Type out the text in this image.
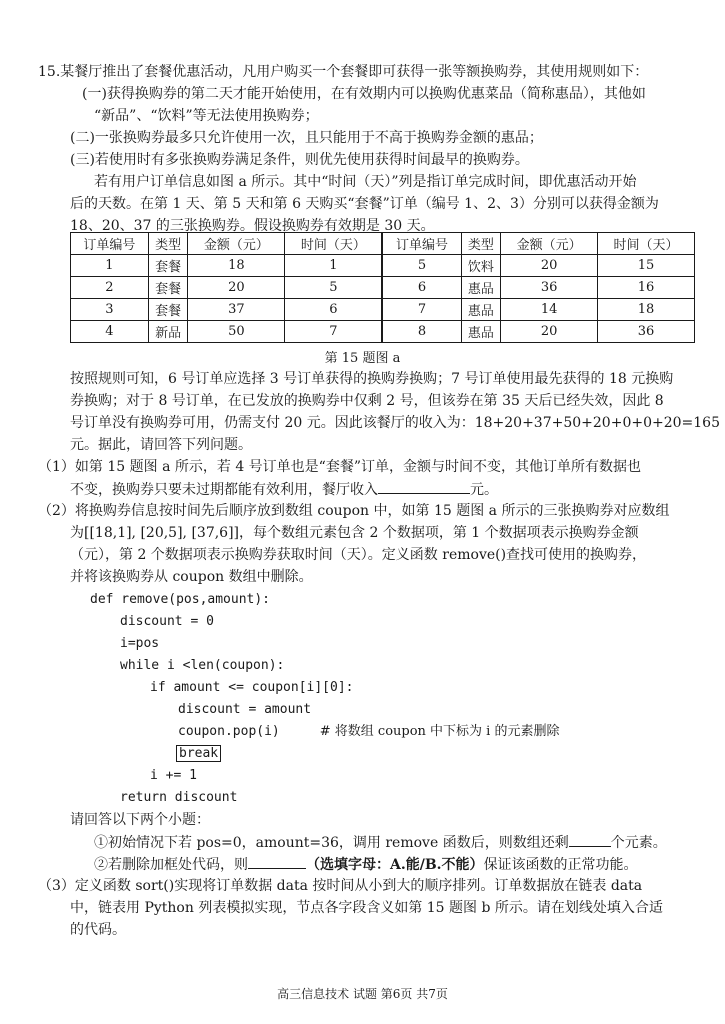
15.某餐厅推出了套餐优惠活动，凡用户购买一个套餐即可获得一张等额换购券，其使用规则如下：
(一)获得换购券的第二天才能开始使用，在有效期内可以换购优惠菜品（简称惠品），其他如
“新品”、“饮料”等无法使用换购券；
(二)一张换购券最多只允许使用一次，且只能用于不高于换购券金额的惠品；
(三)若使用时有多张换购券满足条件，则优先使用获得时间最早的换购券。
若有用户订单信息如图 a 所示。其中“时间（天）”列是指订单完成时间，即优惠活动开始
后的天数。在第 1 天、第 5 天和第 6 天购买“套餐”订单（编号 1、2、3）分别可以获得金额为
18、20、37 的三张换购券。假设换购券有效期是 30 天。
订单编号	类型	金额（元）	时间（天）	订单编号	类型	金额（元）	时间（天）
1	套餐	18	1	5	饮料	20	15
2	套餐	20	5	6	惠品	36	16
3	套餐	37	6	7	惠品	14	18
4	新品	50	7	8	惠品	20	36
第 15 题图 a
按照规则可知，6 号订单应选择 3 号订单获得的换购券换购；7 号订单使用最先获得的 18 元换购
券换购；对于 8 号订单，在已发放的换购券中仅剩 2 号，但该券在第 35 天后已经失效，因此 8
号订单没有换购券可用，仍需支付 20 元。因此该餐厅的收入为：18+20+37+50+20+0+0+20=165
元。据此，请回答下列问题。
（1）如第 15 题图 a 所示，若 4 号订单也是“套餐”订单，金额与时间不变，其他订单所有数据也
不变，换购券只要未过期都能有效利用，餐厅收入	元。
（2）将换购券信息按时间先后顺序放到数组 coupon 中，如第 15 题图 a 所示的三张换购券对应数组
为[[18,1], [20,5], [37,6]]，每个数组元素包含 2 个数据项，第 1 个数据项表示换购券金额
（元），第 2 个数据项表示换购券获取时间（天）。定义函数 remove()查找可使用的换购券，
并将该换购券从 coupon 数组中删除。
def remove(pos,amount):
discount = 0
i=pos
while i <len(coupon):
if amount <= coupon[i][0]:
discount = amount
coupon.pop(i)	# 将数组 coupon 中下标为 i 的元素删除
break
i += 1
return discount
请回答以下两个小题：
①初始情况下若 pos=0，amount=36，调用 remove 函数后，则数组还剩	个元素。
②若删除加框处代码，则	（选填字母：A.能/B.不能）保证该函数的正常功能。
（3）定义函数 sort()实现将订单数据 data 按时间从小到大的顺序排列。订单数据放在链表 data
中，链表用 Python 列表模拟实现，节点各字段含义如第 15 题图 b 所示。请在划线处填入合适
的代码。
高三信息技术 试题 第6页 共7页
